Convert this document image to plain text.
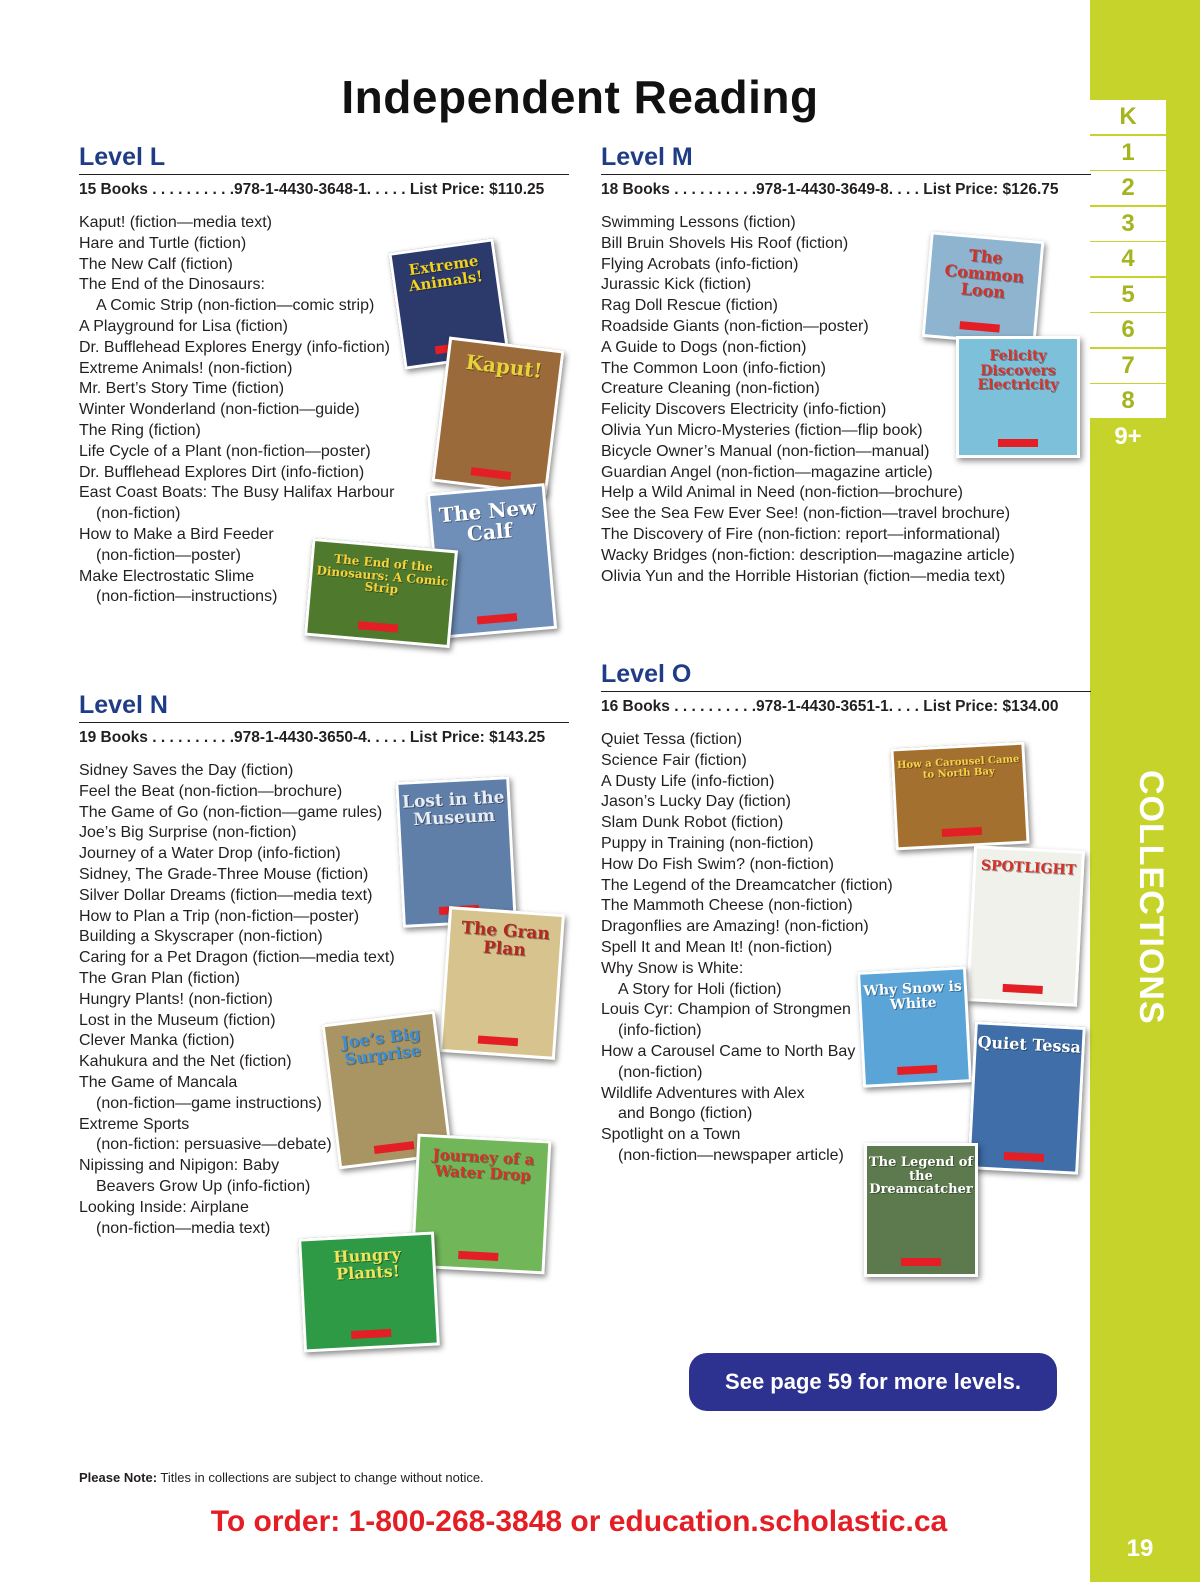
K
1
2
3
4
5
6
7
8
9+
COLLECTIONS
19
Independent Reading
Level L
15 Books . . . . . . . . . .978-1-4430-3648-1. . . . . List Price: $110.25
Kaput! (fiction—media text)
Hare and Turtle (fiction)
The New Calf (fiction)
The End of the Dinosaurs:
A Comic Strip (non-fiction—comic strip)
A Playground for Lisa (fiction)
Dr. Bufflehead Explores Energy (info-fiction)
Extreme Animals! (non-fiction)
Mr. Bert’s Story Time (fiction)
Winter Wonderland (non-fiction—guide)
The Ring (fiction)
Life Cycle of a Plant (non-fiction—poster)
Dr. Bufflehead Explores Dirt (info-fiction)
East Coast Boats: The Busy Halifax Harbour
(non-fiction)
How to Make a Bird Feeder
(non-fiction—poster)
Make Electrostatic Slime
(non-fiction—instructions)
Level M
18 Books . . . . . . . . . .978-1-4430-3649-8. . . . List Price: $126.75
Swimming Lessons (fiction)
Bill Bruin Shovels His Roof (fiction)
Flying Acrobats (info-fiction)
Jurassic Kick (fiction)
Rag Doll Rescue (fiction)
Roadside Giants (non-fiction—poster)
A Guide to Dogs (non-fiction)
The Common Loon (info-fiction)
Creature Cleaning (non-fiction)
Felicity Discovers Electricity (info-fiction)
Olivia Yun Micro-Mysteries (fiction—flip book)
Bicycle Owner’s Manual (non-fiction—manual)
Guardian Angel (non-fiction—magazine article)
Help a Wild Animal in Need (non-fiction—brochure)
See the Sea Few Ever See! (non-fiction—travel brochure)
The Discovery of Fire (non-fiction: report—informational)
Wacky Bridges (non-fiction: description—magazine article)
Olivia Yun and the Horrible Historian (fiction—media text)
Level N
19 Books . . . . . . . . . .978-1-4430-3650-4. . . . . List Price: $143.25
Sidney Saves the Day (fiction)
Feel the Beat (non-fiction—brochure)
The Game of Go (non-fiction—game rules)
Joe’s Big Surprise (non-fiction)
Journey of a Water Drop (info-fiction)
Sidney, The Grade-Three Mouse (fiction)
Silver Dollar Dreams (fiction—media text)
How to Plan a Trip (non-fiction—poster)
Building a Skyscraper (non-fiction)
Caring for a Pet Dragon (fiction—media text)
The Gran Plan (fiction)
Hungry Plants! (non-fiction)
Lost in the Museum (fiction)
Clever Manka (fiction)
Kahukura and the Net (fiction)
The Game of Mancala
(non-fiction—game instructions)
Extreme Sports
(non-fiction: persuasive—debate)
Nipissing and Nipigon: Baby
Beavers Grow Up (info-fiction)
Looking Inside: Airplane
(non-fiction—media text)
Level O
16 Books . . . . . . . . . .978-1-4430-3651-1. . . . List Price: $134.00
Quiet Tessa (fiction)
Science Fair (fiction)
A Dusty Life (info-fiction)
Jason’s Lucky Day (fiction)
Slam Dunk Robot (fiction)
Puppy in Training (non-fiction)
How Do Fish Swim? (non-fiction)
The Legend of the Dreamcatcher (fiction)
The Mammoth Cheese (non-fiction)
Dragonflies are Amazing! (non-fiction)
Spell It and Mean It! (non-fiction)
Why Snow is White:
A Story for Holi (fiction)
Louis Cyr: Champion of Strongmen
(info-fiction)
How a Carousel Came to North Bay
(non-fiction)
Wildlife Adventures with Alex
and Bongo (fiction)
Spotlight on a Town
(non-fiction—newspaper article)
Extreme Animals!
Kaput!
The New Calf
The End of the Dinosaurs: A Comic Strip
The Common Loon
Felicity Discovers Electricity
Lost in the Museum
The Gran Plan
Joe’s Big Surprise
Journey of a Water Drop
Hungry Plants!
How a Carousel Came to North Bay
SPOTLIGHT
Why Snow is White
Quiet Tessa
The Legend of the Dreamcatcher
See page 59 for more levels.
Please Note: Titles in collections are subject to change without notice.
To order: 1-800-268-3848 or education.scholastic.ca
